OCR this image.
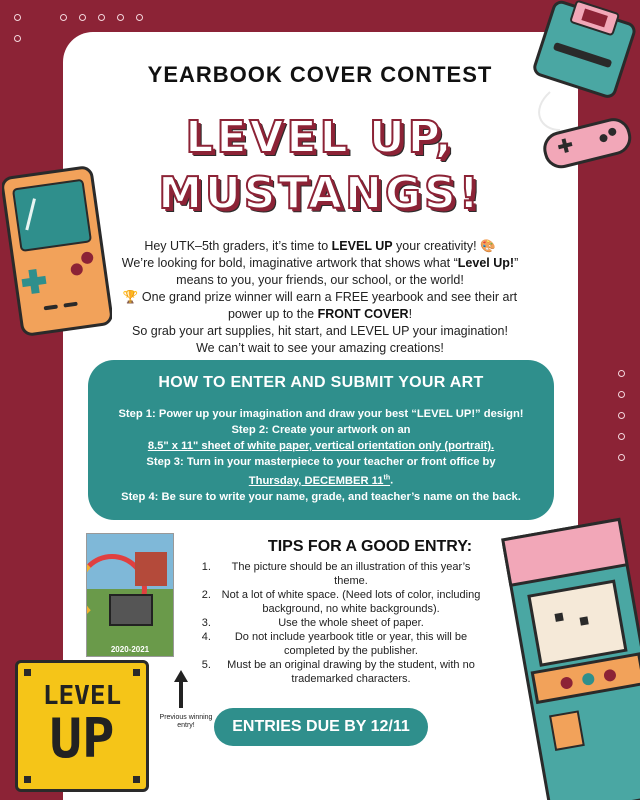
YEARBOOK COVER CONTEST
LEVEL UP,
MUSTANGS!
Hey UTK–5th graders, it’s time to LEVEL UP your creativity! 🎨
We’re looking for bold, imaginative artwork that shows what “Level Up!” means to you, your friends, our school, or the world!
🏆 One grand prize winner will earn a FREE yearbook and see their art power up to the FRONT COVER!
So grab your art supplies, hit start, and LEVEL UP your imagination!
We can’t wait to see your amazing creations!
HOW TO ENTER AND SUBMIT YOUR ART
Step 1: Power up your imagination and draw your best “LEVEL UP!” design!
Step 2: Create your artwork on an
8.5" x 11" sheet of white paper, vertical orientation only (portrait).
Step 3: Turn in your masterpiece to your teacher or front office by
Thursday, DECEMBER 11th.
Step 4: Be sure to write your name, grade, and teacher’s name on the back.
2020-2021
Previous winning entry!
TIPS FOR A GOOD ENTRY:
1. The picture should be an illustration of this year’s theme.
2. Not a lot of white space. (Need lots of color, including background, no white backgrounds).
3. Use the whole sheet of paper.
4. Do not include yearbook title or year, this will be completed by the publisher.
5. Must be an original drawing by the student, with no trademarked characters.
ENTRIES DUE BY 12/11
LEVEL
UP
